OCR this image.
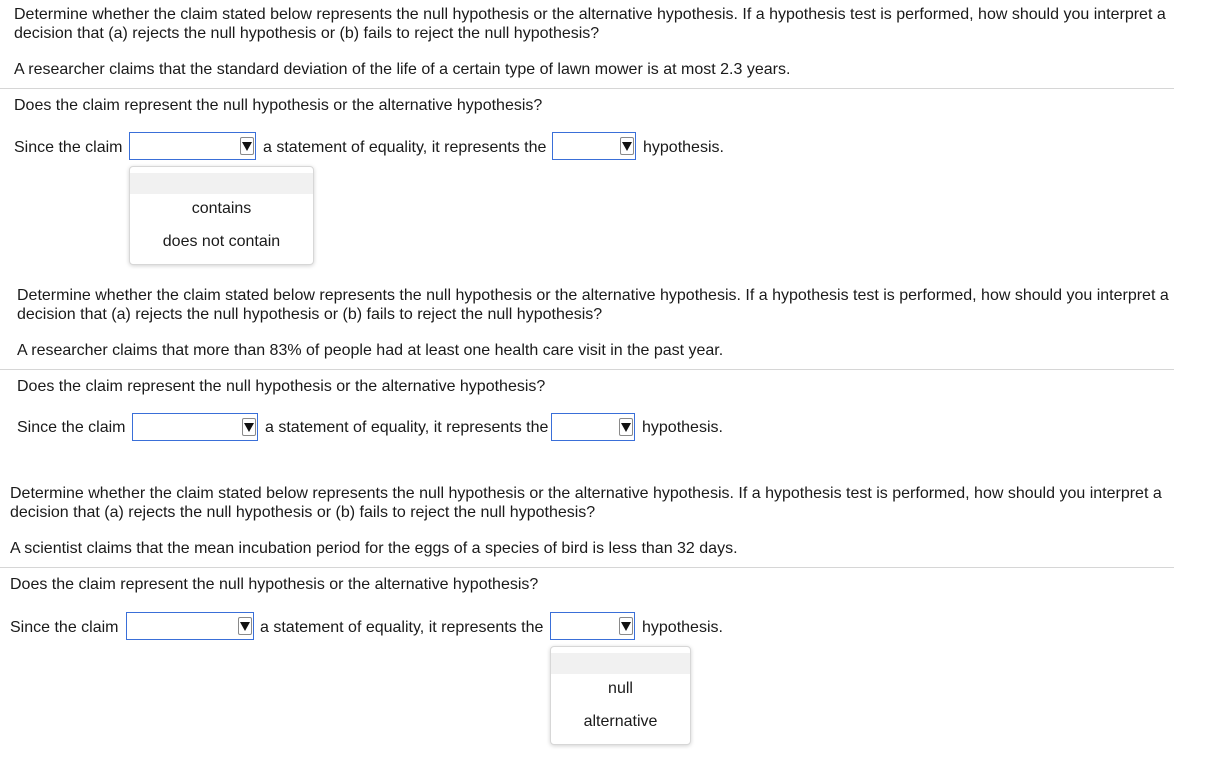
Determine whether the claim stated below represents the null hypothesis or the alternative hypothesis. If a hypothesis test is performed, how should you interpret a

decision that (a) rejects the null hypothesis or (b) fails to reject the null hypothesis?

A researcher claims that the standard deviation of the life of a certain type of lawn mower is at most 2.3 years.

Does the claim represent the null hypothesis or the alternative hypothesis?

Since the claim	a statement of equality, it represents the	hypothesis.

contains
does not contain

Determine whether the claim stated below represents the null hypothesis or the alternative hypothesis. If a hypothesis test is performed, how should you interpret a

decision that (a) rejects the null hypothesis or (b) fails to reject the null hypothesis?

A researcher claims that more than 83% of people had at least one health care visit in the past year.

Does the claim represent the null hypothesis or the alternative hypothesis?

Since the claim	a statement of equality, it represents the	hypothesis.

Determine whether the claim stated below represents the null hypothesis or the alternative hypothesis. If a hypothesis test is performed, how should you interpret a

decision that (a) rejects the null hypothesis or (b) fails to reject the null hypothesis?

A scientist claims that the mean incubation period for the eggs of a species of bird is less than 32 days.

Does the claim represent the null hypothesis or the alternative hypothesis?

Since the claim	a statement of equality, it represents the	hypothesis.

null
alternative
